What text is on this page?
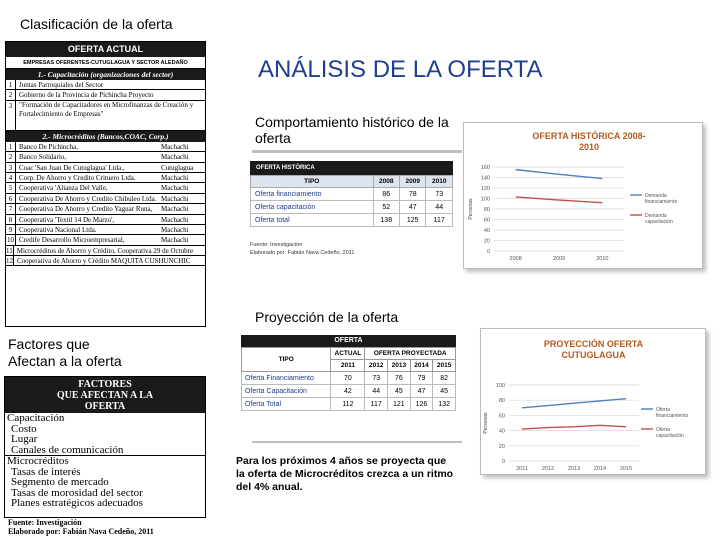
Clasificación de la oferta
ANÁLISIS DE LA OFERTA
Comportamiento histórico de la oferta
Proyección de la oferta
Factores que
Afectan a la oferta
Para los próximos 4 años se proyecta que la oferta de Microcréditos crezca a un ritmo del 4% anual.
OFERTA ACTUAL
EMPRESAS OFERENTES-CUTUGLAGUA Y SECTOR ALEDAÑO
1.- Capacitación (organizaciones del sector)
1 Juntas Parroquiales del Sector
2 Gobierno de la Provincia de Pichincha Proyecto
3 "Formación de Capacitadores en Microfinanzas de Creación y Fortalecimiento de Empresas"
2.- Microcréditos (Bancos,COAC, Corp.)
1 Banco De Pichincha,	Machachi
2 Banco Solidario,	Machachi
3 Coac 'San Juan De Cutuglagua' Ltda.,	Cutuglagua
4 Corp. De Ahorro y Credito Crituero Ltda.	Machachi
5 Cooperativa 'Alianza Del Valle,	Machachi
6 Cooperativa De Ahorro y Credito Chibuleo Ltda. Machachi
7 Cooperativa De Ahorro y Credito Yaguar Runa,	Machachi
8 Cooperativa 'Textil 14 De Marzo',	Machachi
9 Cooperativa Nacional Ltda.	Machachi
10 Credife Desarrollo Microempresarial,	Machachi
11 Microcréditos de Ahorro y Crédito, Cooperativa 29 de Octubre
12 Cooperativa de Ahorro y Crédito MAQUITA CUSHUNCHIC
OFERTA HISTÓRICA
TIPO	2008	2009	2010
Oferta financiamiento	86	78	73
Oferta capacitación	52	47	44
Oferta total	138	125	117
Fuente: Investigación
Elaborado por: Fabián Nava Cedeño, 2011
OFERTA
TIPO	ACTUAL	OFERTA PROYECTADA			
	2011	2012	2013	2014	2015
Oferta Financiamiento	70	73	76	79	82
Oferta Capacitación	42	44	45	47	45
Oferta Total	112	117	121	126	132
FACTORES
QUE AFECTAN A LA
OFERTA
Capacitación
Costo
Lugar
Canales de comunicación
Microcréditos
Tasas de interés
Segmento de mercado
Tasas de morosidad del sector
Planes estratégicos adecuados
Fuente: Investigación
Elaborado por: Fabián Nava Cedeño, 2011
OFERTA HISTÓRICA 2008-2010
0
20
40
60
80
100
120
140
160
2008	2009	2010
Personas
Demanda financiamiento
Demanda capacitación
PROYECCIÓN OFERTA CUTUGLAGUA
0
20
40
60
80
100
2011	2012	2013	2014	2015
Personas
Oferta financiamiento
Oferta capacitación
